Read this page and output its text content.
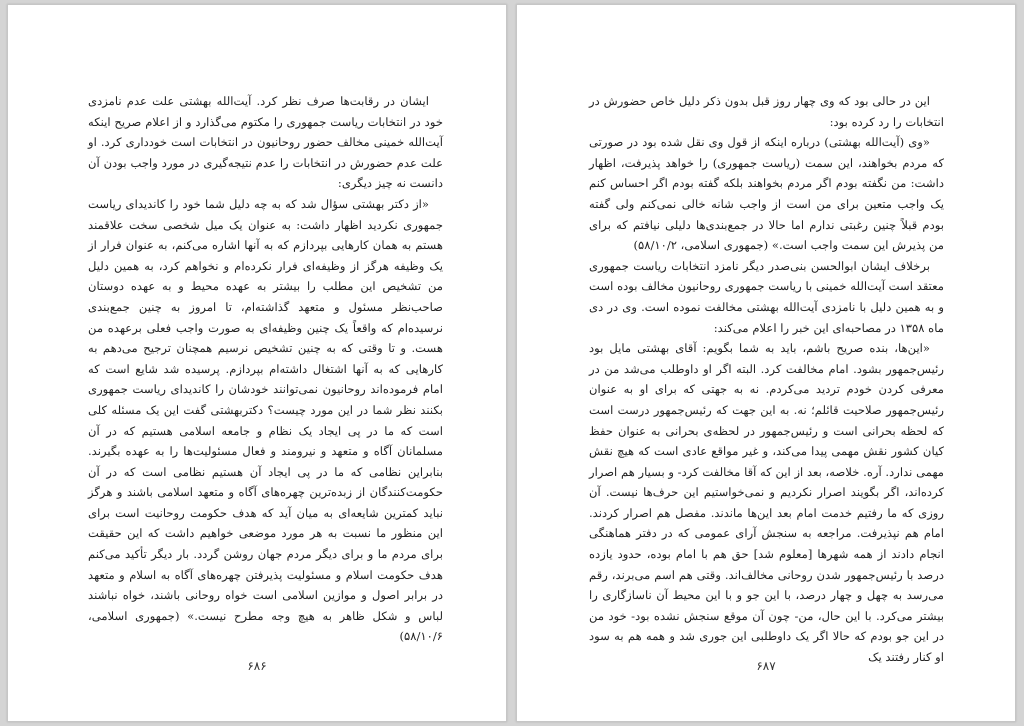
ایشان در رقابت‌ها صرف نظر کرد. آیت‌الله بهشتی علت عدم نامزدی خود در انتخابات ریاست جمهوری را مکتوم می‌گذارد و از اعلام صریح اینکه آیت‌الله خمینی مخالف حضور روحانیون در انتخابات است خودداری کرد. او علت عدم حضورش در انتخابات را عدم نتیجه‌گیری در مورد واجب بودن آن دانست نه چیز دیگری:

«از دکتر بهشتی سؤال شد که به چه دلیل شما خود را کاندیدای ریاست جمهوری نکردید اظهار داشت: به عنوان یک میل شخصی سخت علاقمند هستم به همان کارهایی بپردازم که به آنها اشاره می‌کنم، به عنوان فرار از یک وظیفه هرگز از وظیفه‌ای فرار نکرده‌ام و نخواهم کرد، به همین دلیل من تشخیص این مطلب را بیشتر به عهده محیط و به عهده دوستان صاحب‌نظر مسئول و متعهد گذاشته‌ام، تا امروز به چنین جمع‌بندی نرسیده‌ام که واقعاً یک چنین وظیفه‌ای به صورت واجب فعلی برعهده من هست. و تا وقتی که به چنین تشخیص نرسیم همچنان ترجیح می‌دهم به کارهایی که به آنها اشتغال داشته‌ام بپردازم. پرسیده شد شایع است که امام فرموده‌اند روحانیون نمی‌توانند خودشان را کاندیدای ریاست جمهوری بکنند نظر شما در این مورد چیست؟ دکتربهشتی گفت این یک مسئله کلی است که ما در پی ایجاد یک نظام و جامعه اسلامی هستیم که در آن مسلمانان آگاه و متعهد و نیرومند و فعال مسئولیت‌ها را به عهده بگیرند. بنابراین نظامی که ما در پی ایجاد آن هستیم نظامی است که در آن حکومت‌کنندگان از زبده‌ترین چهره‌های آگاه و متعهد اسلامی باشند و هرگز نباید کمترین شایعه‌ای به میان آید که هدف حکومت روحانیت است برای این منظور ما نسبت به هر مورد موضعی خواهیم داشت که این حقیقت برای مردم ما و برای دیگر مردم جهان روشن گردد. بار دیگر تأکید می‌کنم هدف حکومت اسلام و مسئولیت پذیرفتن چهره‌های آگاه به اسلام و متعهد در برابر اصول و موازین اسلامی است خواه روحانی باشند، خواه نباشند لباس و شکل ظاهر به هیچ وجه مطرح نیست.» (جمهوری اسلامی، ۵۸/۱۰/۶)

۶۸۶

این در حالی بود که وی چهار روز قبل بدون ذکر دلیل خاص حضورش در انتخابات را رد کرده بود:

«وی (آیت‌الله بهشتی) درباره اینکه از قول وی نقل شده بود در صورتی که مردم بخواهند، این سمت (ریاست جمهوری) را خواهد پذیرفت، اظهار داشت: من نگفته بودم اگر مردم بخواهند بلکه گفته بودم اگر احساس کنم یک واجب متعین برای من است از واجب شانه خالی نمی‌کنم ولی گفته بودم قبلاً چنین رغبتی ندارم اما حالا در جمع‌بندی‌ها دلیلی نیافتم که برای من پذیرش این سمت واجب است.» (جمهوری اسلامی، ۵۸/۱۰/۲)

برخلاف ایشان ابوالحسن بنی‌صدر دیگر نامزد انتخابات ریاست جمهوری معتقد است آیت‌الله خمینی با ریاست جمهوری روحانیون مخالف بوده است و به همین دلیل با نامزدی آیت‌الله بهشتی مخالفت نموده است. وی در دی ماه ۱۳۵۸ در مصاحبه‌ای این خبر را اعلام می‌کند:

«این‌ها، بنده صریح باشم، باید به شما بگویم: آقای بهشتی مایل بود رئیس‌جمهور بشود. امام مخالفت کرد. البته اگر او داوطلب می‌شد من در معرفی کردن خودم تردید می‌کردم. نه به جهتی که برای او به عنوان رئیس‌جمهور صلاحیت قائلم؛ نه. به این جهت که رئیس‌جمهور درست است که لحظه بحرانی است و رئیس‌جمهور در لحظه‌ی بحرانی به عنوان حفظ کیان کشور نقش مهمی پیدا می‌کند، و غیر مواقع عادی است که هیچ نقش مهمی ندارد. آره. خلاصه، بعد از این که آقا مخالفت کرد- و بسیار هم اصرار کرده‌اند، اگر بگویند اصرار نکردیم و نمی‌خواستیم این حرف‌ها نیست. آن روزی که ما رفتیم خدمت امام بعد این‌ها ماندند. مفصل هم اصرار کردند. امام هم نپذیرفت. مراجعه به سنجش آرای عمومی که در دفتر هماهنگی انجام دادند از همه شهرها [معلوم شد] حق هم با امام بوده، حدود یازده درصد با رئیس‌جمهور شدن روحانی مخالف‌اند. وقتی هم اسم می‌برند، رقم می‌رسد به چهل و چهار درصد، با این جو و با این محیط آن ناسازگاری را بیشتر می‌کرد. با این حال، من- چون آن موقع سنجش نشده بود- خود من در این جو بودم که حالا اگر یک داوطلبی این جوری شد و همه هم به سود او کنار رفتند یک

۶۸۷
